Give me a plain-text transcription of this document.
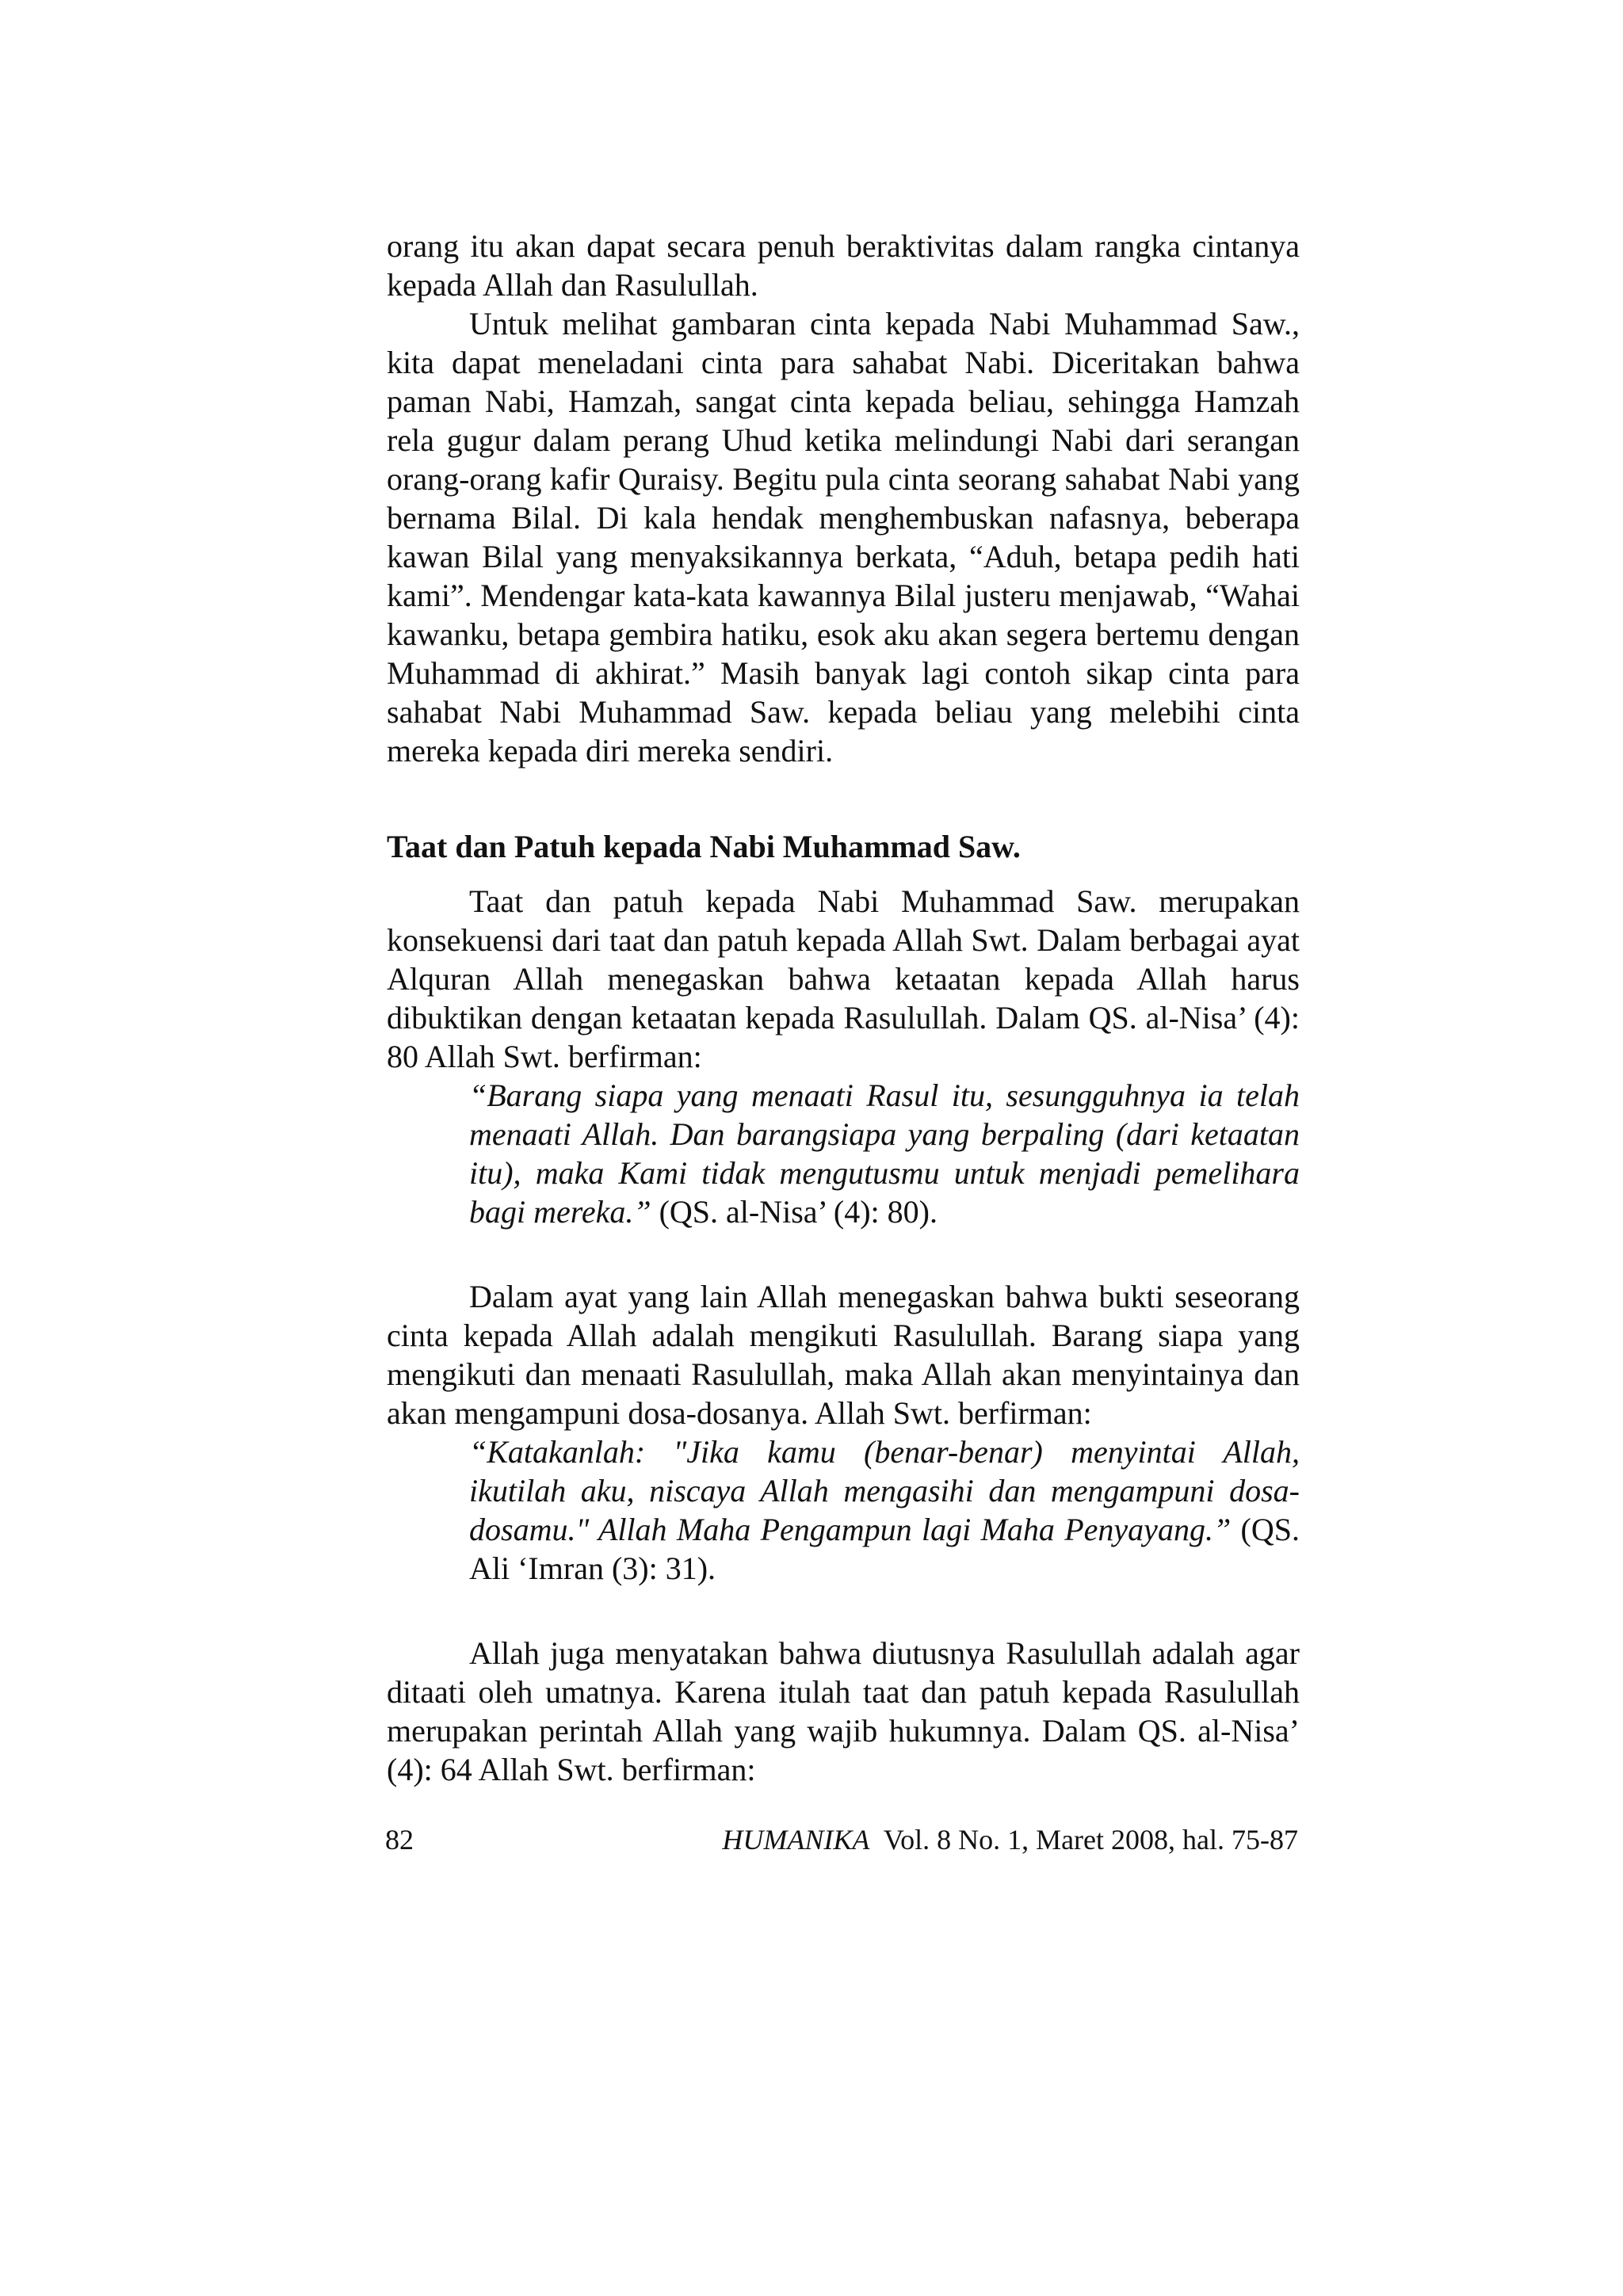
orang itu akan dapat secara penuh beraktivitas dalam rangka cintanya kepada Allah dan Rasulullah.

Untuk melihat gambaran cinta kepada Nabi Muhammad Saw., kita dapat meneladani cinta para sahabat Nabi. Diceritakan bahwa paman Nabi, Hamzah, sangat cinta kepada beliau, sehingga Hamzah rela gugur dalam perang Uhud ketika melindungi Nabi dari serangan orang-orang kafir Quraisy. Begitu pula cinta seorang sahabat Nabi yang bernama Bilal. Di kala hendak menghembuskan nafasnya, beberapa kawan Bilal yang menyaksikannya berkata, “Aduh, betapa pedih hati kami”. Mendengar kata-kata kawannya Bilal justeru menjawab, “Wahai kawanku, betapa gembira hatiku, esok aku akan segera bertemu dengan Muhammad di akhirat.” Masih banyak lagi contoh sikap cinta para sahabat Nabi Muhammad Saw. kepada beliau yang melebihi cinta mereka kepada diri mereka sendiri.

Taat dan Patuh kepada Nabi Muhammad Saw.

Taat dan patuh kepada Nabi Muhammad Saw. merupakan konsekuensi dari taat dan patuh kepada Allah Swt. Dalam berbagai ayat Alquran Allah menegaskan bahwa ketaatan kepada Allah harus dibuktikan dengan ketaatan kepada Rasulullah. Dalam QS. al-Nisa’ (4): 80 Allah Swt. berfirman:

“Barang siapa yang menaati Rasul itu, sesungguhnya ia telah menaati Allah. Dan barangsiapa yang berpaling (dari ketaatan itu), maka Kami tidak mengutusmu untuk menjadi pemelihara bagi mereka.” (QS. al-Nisa’ (4): 80).

Dalam ayat yang lain Allah menegaskan bahwa bukti seseorang cinta kepada Allah adalah mengikuti Rasulullah. Barang siapa yang mengikuti dan menaati Rasulullah, maka Allah akan menyintainya dan akan mengampuni dosa-dosanya. Allah Swt. berfirman:

“Katakanlah: "Jika kamu (benar-benar) menyintai Allah, ikutilah aku, niscaya Allah mengasihi dan mengampuni dosa-dosamu." Allah Maha Pengampun lagi Maha Penyayang.” (QS. Ali ‘Imran (3): 31).

Allah juga menyatakan bahwa diutusnya Rasulullah adalah agar ditaati oleh umatnya. Karena itulah taat dan patuh kepada Rasulullah merupakan perintah Allah yang wajib hukumnya. Dalam QS. al-Nisa’ (4): 64 Allah Swt. berfirman:

82	HUMANIKA  Vol. 8 No. 1, Maret 2008, hal. 75-87
